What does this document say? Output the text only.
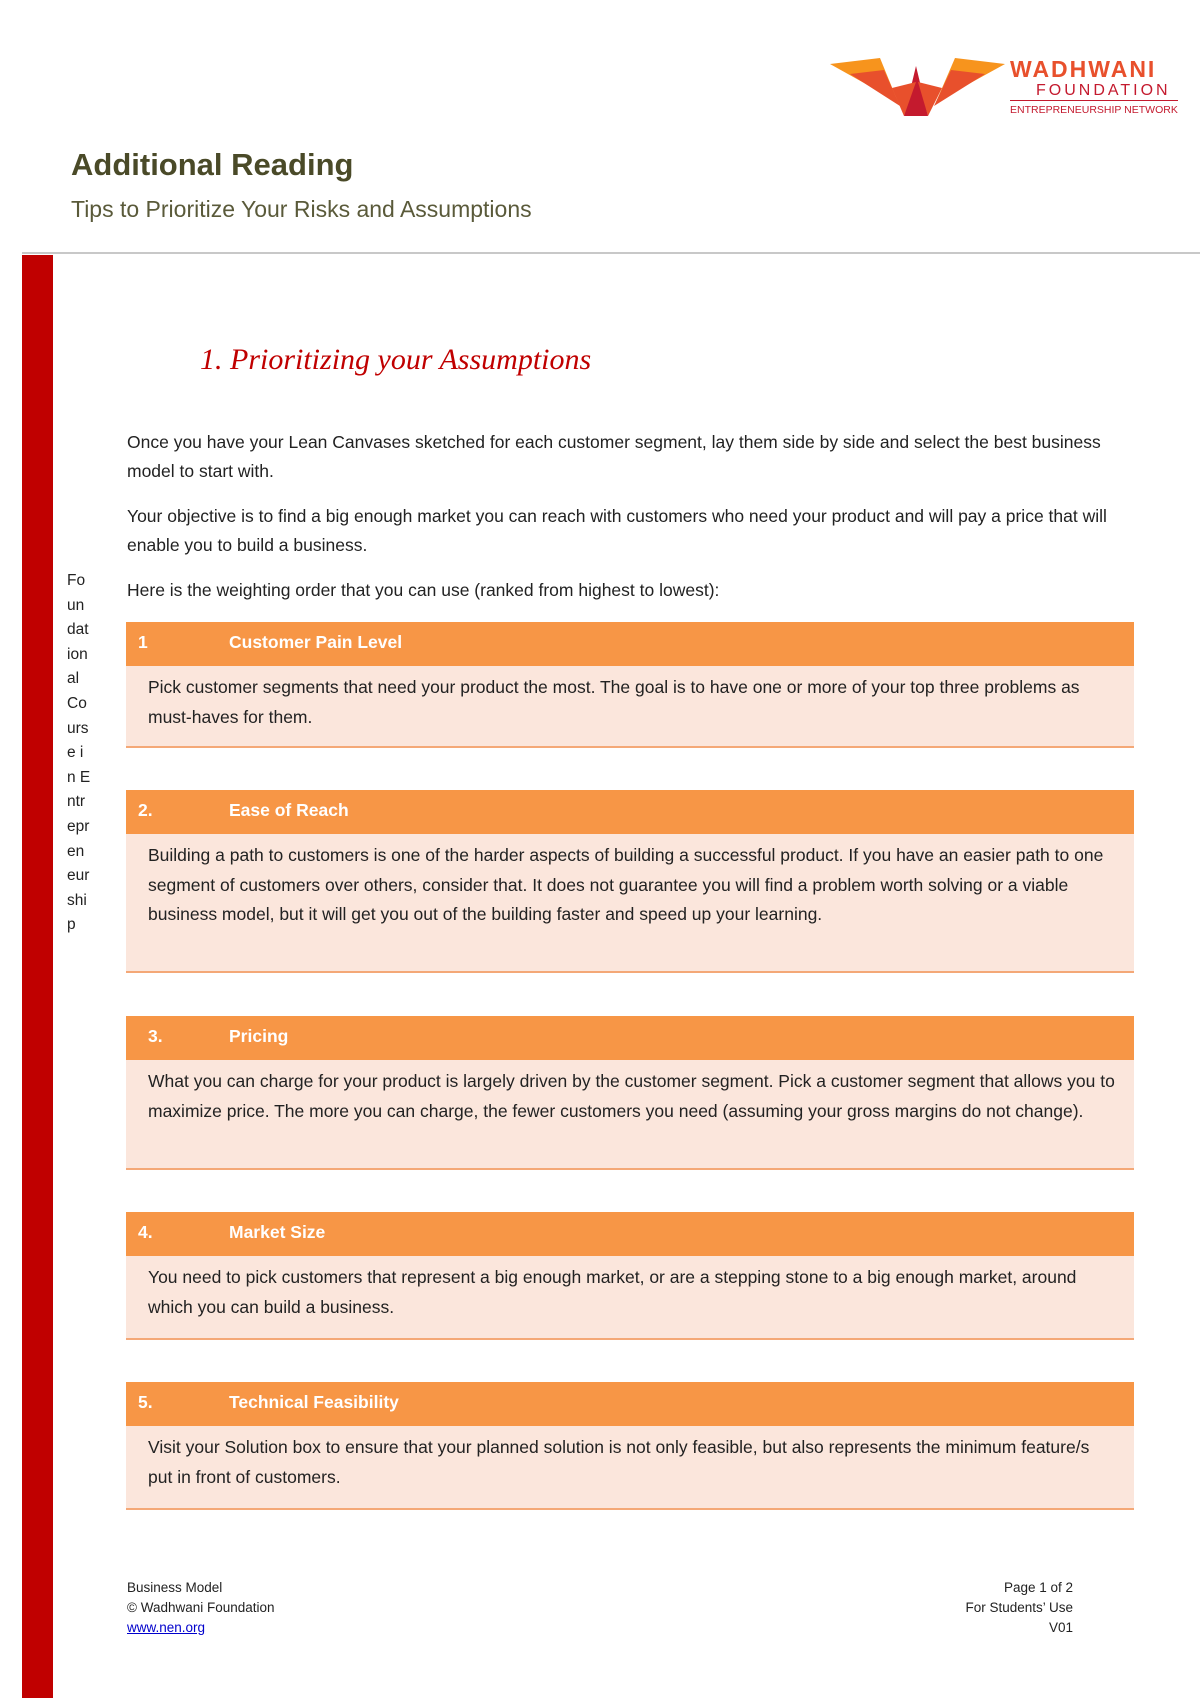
WADHWANI
FOUNDATION
ENTREPRENEURSHIP NETWORK
Additional Reading
Tips to Prioritize Your Risks and Assumptions
Foundational Course in Entrepreneurship
1. Prioritizing your Assumptions

Once you have your Lean Canvases sketched for each customer segment, lay them side by side and select the best business model to start with.

Your objective is to find a big enough market you can reach with customers who need your product and will pay a price that will enable you to build a business.

Here is the weighting order that you can use (ranked from highest to lowest):

1	Customer Pain Level
Pick customer segments that need your product the most. The goal is to have one or more of your top three problems as must-haves for them.
2.	Ease of Reach
Building a path to customers is one of the harder aspects of building a successful product. If you have an easier path to one segment of customers over others, consider that. It does not guarantee you will find a problem worth solving or a viable business model, but it will get you out of the building faster and speed up your learning.
3.	Pricing
What you can charge for your product is largely driven by the customer segment. Pick a customer segment that allows you to maximize price. The more you can charge, the fewer customers you need (assuming your gross margins do not change).
4.	Market Size
You need to pick customers that represent a big enough market, or are a stepping stone to a big enough market, around which you can build a business.
5.	Technical Feasibility
Visit your Solution box to ensure that your planned solution is not only feasible, but also represents the minimum feature/s put in front of customers.
Business Model
© Wadhwani Foundation
www.nen.org
Page 1 of 2
For Students’ Use
V01
